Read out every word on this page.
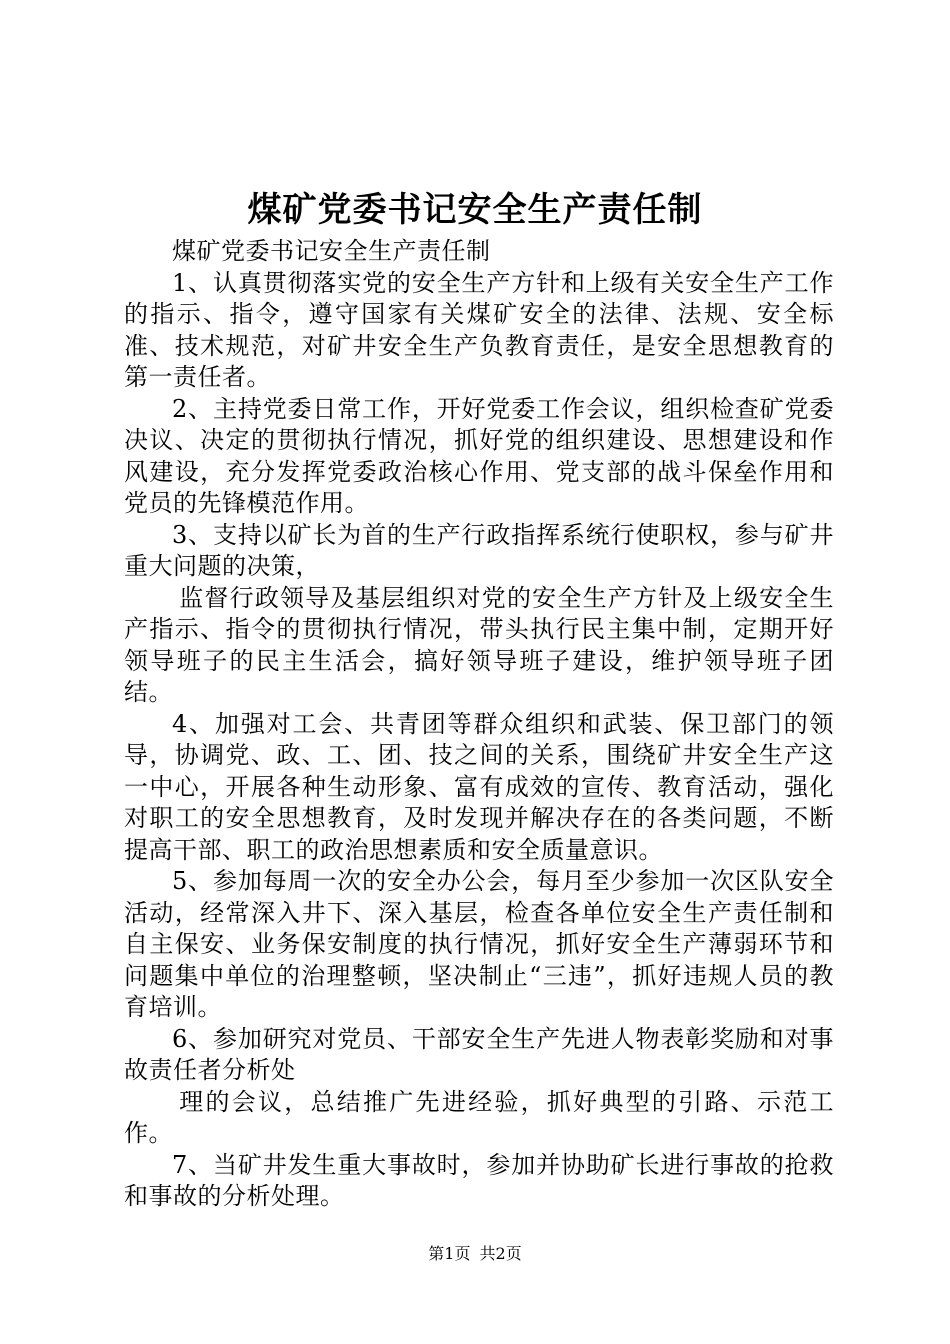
煤矿党委书记安全生产责任制

煤矿党委书记安全生产责任制

1、认真贯彻落实党的安全生产方针和上级有关安全生产工作的指示、指令，遵守国家有关煤矿安全的法律、法规、安全标准、技术规范，对矿井安全生产负教育责任，是安全思想教育的第一责任者。

2、主持党委日常工作，开好党委工作会议，组织检查矿党委决议、决定的贯彻执行情况，抓好党的组织建设、思想建设和作风建设，充分发挥党委政治核心作用、党支部的战斗保垒作用和党员的先锋模范作用。

3、支持以矿长为首的生产行政指挥系统行使职权，参与矿井重大问题的决策，

监督行政领导及基层组织对党的安全生产方针及上级安全生产指示、指令的贯彻执行情况，带头执行民主集中制，定期开好领导班子的民主生活会，搞好领导班子建设，维护领导班子团结。

4、加强对工会、共青团等群众组织和武装、保卫部门的领导，协调党、政、工、团、技之间的关系，围绕矿井安全生产这一中心，开展各种生动形象、富有成效的宣传、教育活动，强化对职工的安全思想教育，及时发现并解决存在的各类问题，不断提高干部、职工的政治思想素质和安全质量意识。

5、参加每周一次的安全办公会，每月至少参加一次区队安全活动，经常深入井下、深入基层，检查各单位安全生产责任制和自主保安、业务保安制度的执行情况，抓好安全生产薄弱环节和问题集中单位的治理整顿，坚决制止“三违”，抓好违规人员的教育培训。

6、参加研究对党员、干部安全生产先进人物表彰奖励和对事故责任者分析处

理的会议，总结推广先进经验，抓好典型的引路、示范工作。

7、当矿井发生重大事故时，参加并协助矿长进行事故的抢救和事故的分析处理。

第1页 共2页
